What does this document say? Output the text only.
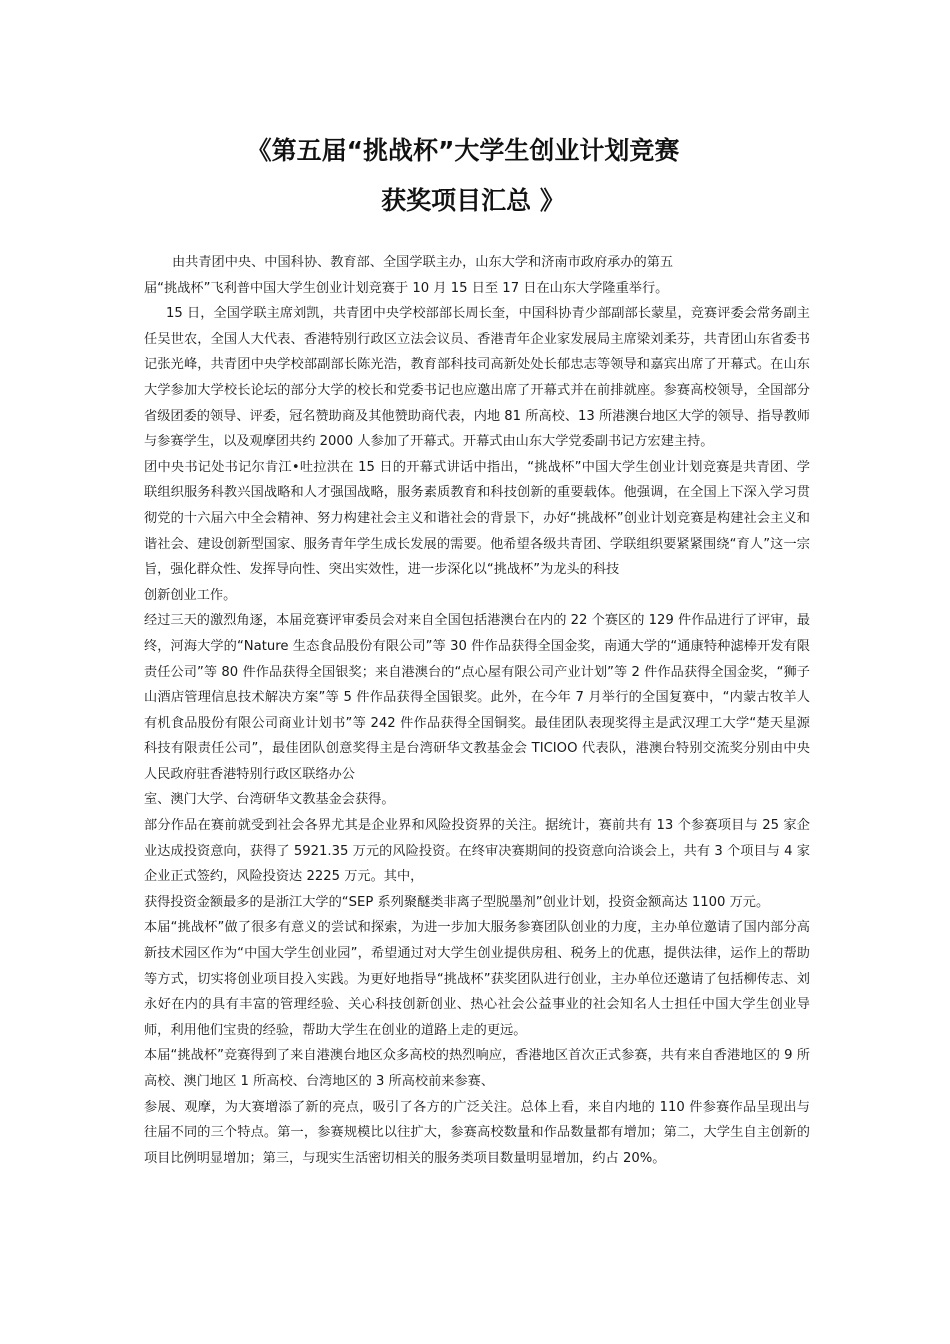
《第五届“挑战杯”大学生创业计划竞赛
获奖项目汇总 》

由共青团中央、中国科协、教育部、全国学联主办，山东大学和济南市政府承办的第五

届“挑战杯”飞利普中国大学生创业计划竞赛于 10 月 15 日至 17 日在山东大学隆重举行。

15 日，全国学联主席刘凯，共青团中央学校部部长周长奎，中国科协青少部副部长蒙星，竞赛评委会常务副主任吴世农，全国人大代表、香港特别行政区立法会议员、香港青年企业家发展局主席梁刘柔芬，共青团山东省委书记张光峰，共青团中央学校部副部长陈光浩，教育部科技司高新处处长郁忠志等领导和嘉宾出席了开幕式。在山东大学参加大学校长论坛的部分大学的校长和党委书记也应邀出席了开幕式并在前排就座。参赛高校领导，全国部分省级团委的领导、评委，冠名赞助商及其他赞助商代表，内地 81 所高校、13 所港澳台地区大学的领导、指导教师与参赛学生，以及观摩团共约 2000 人参加了开幕式。开幕式由山东大学党委副书记方宏建主持。

团中央书记处书记尔肯江•吐拉洪在 15 日的开幕式讲话中指出，“挑战杯”中国大学生创业计划竞赛是共青团、学联组织服务科教兴国战略和人才强国战略，服务素质教育和科技创新的重要载体。他强调，在全国上下深入学习贯彻党的十六届六中全会精神、努力构建社会主义和谐社会的背景下，办好“挑战杯”创业计划竞赛是构建社会主义和谐社会、建设创新型国家、服务青年学生成长发展的需要。他希望各级共青团、学联组织要紧紧围绕“育人”这一宗旨，强化群众性、发挥导向性、突出实效性，进一步深化以“挑战杯”为龙头的科技

创新创业工作。

经过三天的激烈角逐，本届竞赛评审委员会对来自全国包括港澳台在内的 22 个赛区的 129 件作品进行了评审，最终，河海大学的“Nature 生态食品股份有限公司”等 30 件作品获得全国金奖，南通大学的“通康特种滤棒开发有限责任公司”等 80 件作品获得全国银奖；来自港澳台的“点心屋有限公司产业计划”等 2 件作品获得全国金奖，“狮子山酒店管理信息技术解决方案”等 5 件作品获得全国银奖。此外，在今年 7 月举行的全国复赛中，“内蒙古牧羊人有机食品股份有限公司商业计划书”等 242 件作品获得全国铜奖。最佳团队表现奖得主是武汉理工大学“楚天星源科技有限责任公司”，最佳团队创意奖得主是台湾研华文教基金会 TICIOO 代表队，港澳台特别交流奖分别由中央人民政府驻香港特别行政区联络办公

室、澳门大学、台湾研华文教基金会获得。

部分作品在赛前就受到社会各界尤其是企业界和风险投资界的关注。据统计，赛前共有 13 个参赛项目与 25 家企业达成投资意向，获得了 5921.35 万元的风险投资。在终审决赛期间的投资意向洽谈会上，共有 3 个项目与 4 家企业正式签约，风险投资达 2225 万元。其中，

获得投资金额最多的是浙江大学的“SEP 系列聚醚类非离子型脱墨剂”创业计划，投资金额高达 1100 万元。

本届“挑战杯”做了很多有意义的尝试和探索，为进一步加大服务参赛团队创业的力度，主办单位邀请了国内部分高新技术园区作为“中国大学生创业园”，希望通过对大学生创业提供房租、税务上的优惠，提供法律，运作上的帮助等方式，切实将创业项目投入实践。为更好地指导“挑战杯”获奖团队进行创业，主办单位还邀请了包括柳传志、刘永好在内的具有丰富的管理经验、关心科技创新创业、热心社会公益事业的社会知名人士担任中国大学生创业导师，利用他们宝贵的经验，帮助大学生在创业的道路上走的更远。

本届“挑战杯”竞赛得到了来自港澳台地区众多高校的热烈响应，香港地区首次正式参赛，共有来自香港地区的 9 所高校、澳门地区 1 所高校、台湾地区的 3 所高校前来参赛、

参展、观摩，为大赛增添了新的亮点，吸引了各方的广泛关注。总体上看，来自内地的 110 件参赛作品呈现出与往届不同的三个特点。第一，参赛规模比以往扩大，参赛高校数量和作品数量都有增加；第二，大学生自主创新的项目比例明显增加；第三，与现实生活密切相关的服务类项目数量明显增加，约占 20%。
